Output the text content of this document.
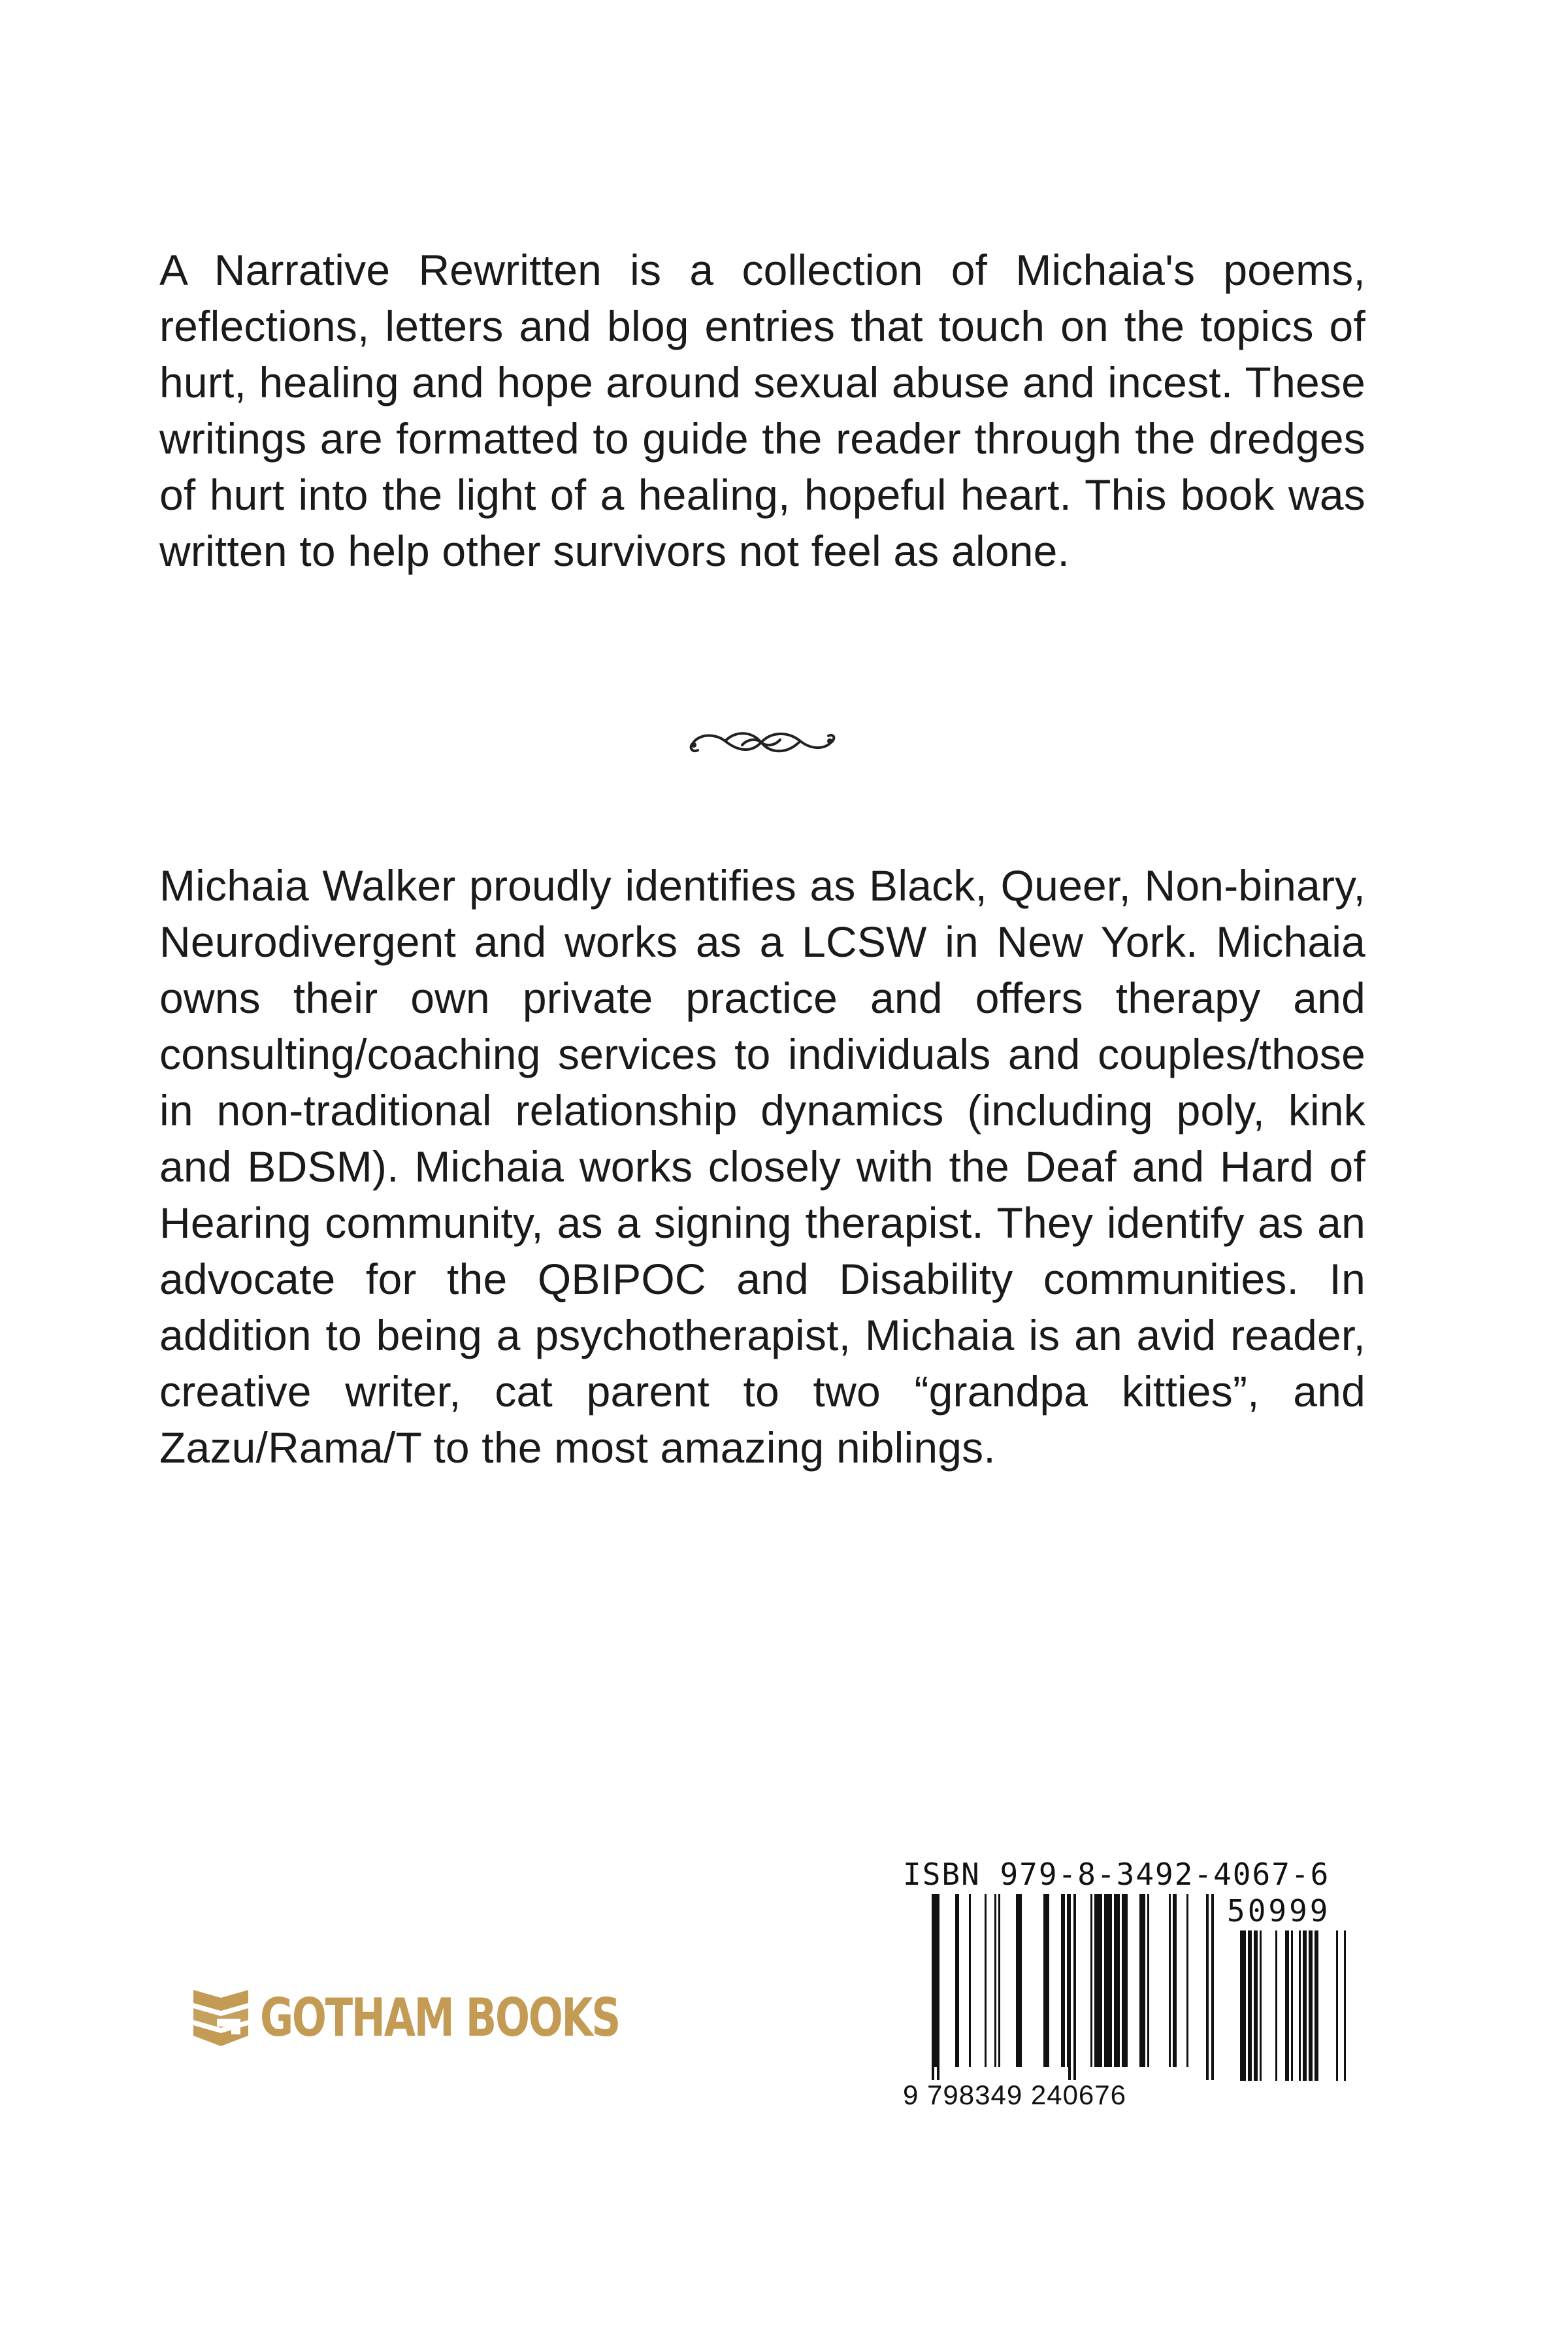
A Narrative Rewritten is a collection of Michaia's poems, reflections, letters and blog entries that touch on the topics of hurt, healing and hope around sexual abuse and incest. These writings are formatted to guide the reader through the dredges of hurt into the light of a healing, hopeful heart. This book was written to help other survivors not feel as alone.

Michaia Walker proudly identifies as Black, Queer, Non-binary, Neurodivergent and works as a LCSW in New York. Michaia owns their own private practice and offers therapy and consulting/coaching services to individuals and couples/those in non-traditional relationship dynamics (including poly, kink and BDSM). Michaia works closely with the Deaf and Hard of Hearing community, as a signing therapist. They identify as an advocate for the QBIPOC and Disability communities. In addition to being a psychotherapist, Michaia is an avid reader, creative writer, cat parent to two “grandpa kitties”, and Zazu/Rama/T to the most amazing niblings.

GOTHAM BOOKS
ISBN 979-8-3492-4067-6
50999
9 798349 240676
